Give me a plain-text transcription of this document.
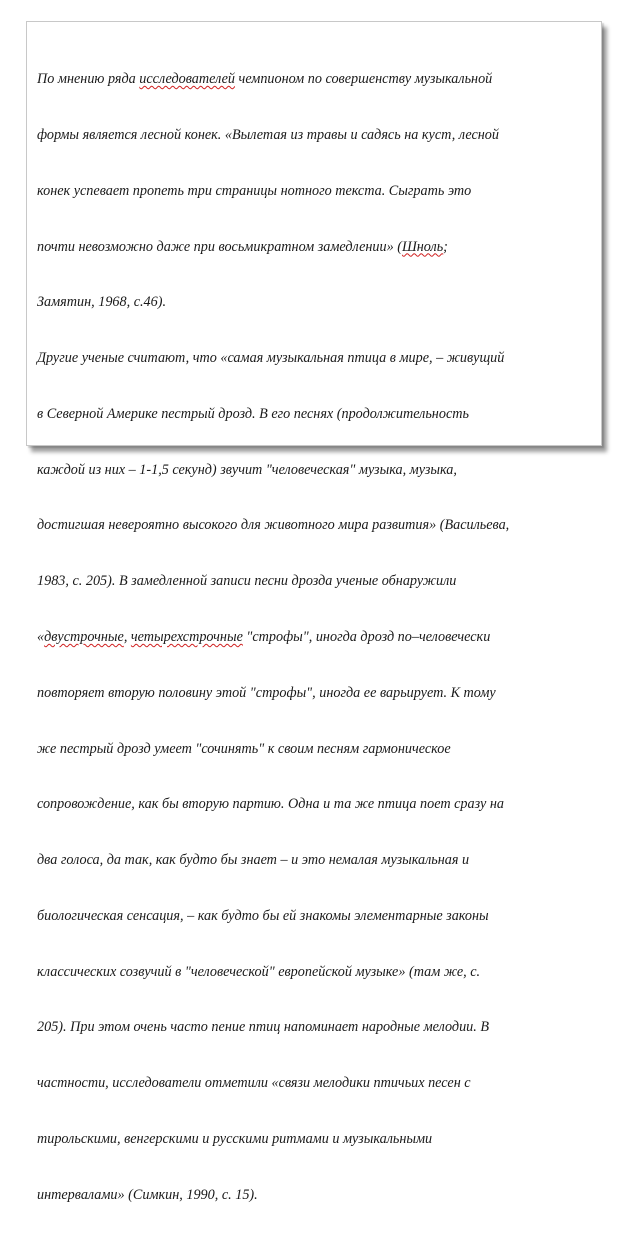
По мнению ряда исследователей чемпионом по совершенству музыкальной

формы является лесной конек. «Вылетая из травы и садясь на куст, лесной

конек успевает пропеть три страницы нотного текста. Сыграть это

почти невозможно даже при восьмикратном замедлении» (Шноль;

Замятин, 1968, с.46).

Другие ученые считают, что «самая музыкальная птица в мире, – живущий

в Северной Америке пестрый дрозд. В его песнях (продолжительность

каждой из них – 1-1,5 секунд) звучит "человеческая" музыка, музыка,

достигшая невероятно высокого для животного мира развития» (Васильева,

1983, с. 205). В замедленной записи песни дрозда ученые обнаружили

«двустрочные, четырехстрочные "строфы", иногда дрозд по–человечески

повторяет вторую половину этой "строфы", иногда ее варьирует. К тому

же пестрый дрозд умеет "сочинять" к своим песням гармоническое

сопровождение, как бы вторую партию. Одна и та же птица поет сразу на

два голоса, да так, как будто бы знает – и это немалая музыкальная и

биологическая сенсация, – как будто бы ей знакомы элементарные законы

классических созвучий в "человеческой" европейской музыке» (там же, с.

205). При этом очень часто пение птиц напоминает народные мелодии. В

частности, исследователи отметили «связи мелодики птичьих песен с

тирольскими, венгерскими и русскими ритмами и музыкальными

интервалами» (Симкин, 1990, с. 15).
